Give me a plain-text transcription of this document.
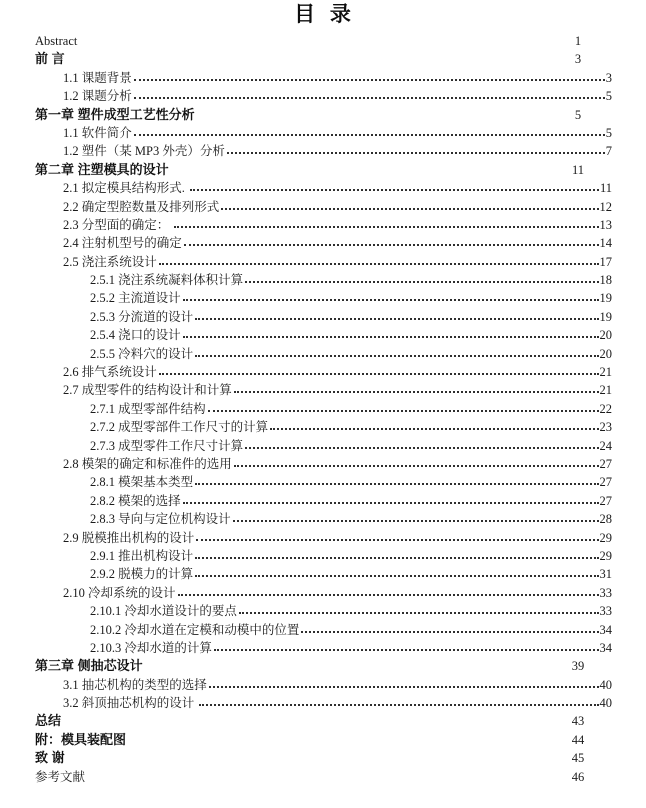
目  录
Abstract	1
前 言	3
1.1 课题背景	3
1.2 课题分析	5
第一章 塑件成型工艺性分析	5
1.1 软件简介	5
1.2 塑件（某 MP3 外壳）分析	7
第二章 注塑模具的设计	11
2.1 拟定模具结构形式.	11
2.2 确定型腔数量及排列形式	12
2.3 分型面的确定：	13
2.4 注射机型号的确定	14
2.5 浇注系统设计	17
2.5.1 浇注系统凝料体积计算	18
2.5.2 主流道设计	19
2.5.3 分流道的设计	19
2.5.4 浇口的设计	20
2.5.5 冷料穴的设计	20
2.6 排气系统设计	21
2.7 成型零件的结构设计和计算	21
2.7.1 成型零部件结构	22
2.7.2 成型零部件工作尺寸的计算	23
2.7.3 成型零件工作尺寸计算	24
2.8 模架的确定和标准件的选用	27
2.8.1 模架基本类型	27
2.8.2 模架的选择	27
2.8.3 导向与定位机构设计	28
2.9 脱模推出机构的设计	29
2.9.1 推出机构设计	29
2.9.2 脱模力的计算	31
2.10 冷却系统的设计	33
2.10.1 冷却水道设计的要点	33
2.10.2 冷却水道在定模和动模中的位置	34
2.10.3 冷却水道的计算	34
第三章 侧抽芯设计	39
3.1 抽芯机构的类型的选择	40
3.2 斜顶抽芯机构的设计	40
总结	43
附：模具装配图	44
致 谢	45
参考文献	46
